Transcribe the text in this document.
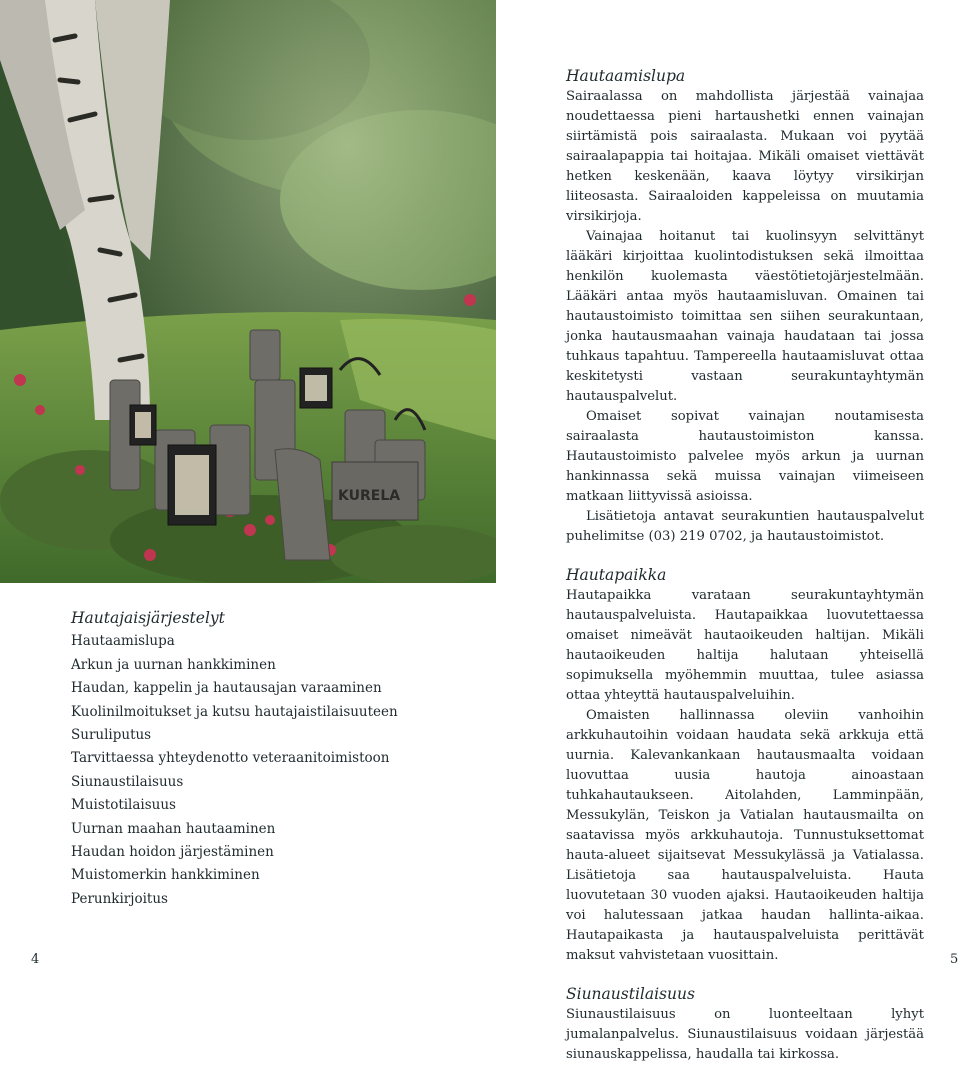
KURELA
Hautajaisjärjestelyt
Hautaamislupa
Arkun ja uurnan hankkiminen
Haudan, kappelin ja hautausajan varaaminen
Kuolinilmoitukset ja kutsu hautajaistilaisuuteen
Suruliputus
Tarvittaessa yhteydenotto veteraanitoimistoon
Siunaustilaisuus
Muistotilaisuus
Uurnan maahan hautaaminen
Haudan hoidon järjestäminen
Muistomerkin hankkiminen
Perunkirjoitus
Hautaamislupa

Sairaalassa on mahdollista järjestää vainajaa noudettaessa pieni hartaushetki ennen vainajan siirtämistä pois sairaalasta. Mukaan voi pyytää sairaalapappia tai hoitajaa. Mikäli omaiset viettävät hetken keskenään, kaava löytyy virsikirjan liiteosasta. Sairaaloiden kappeleissa on muutamia virsikirjoja.

Vainajaa hoitanut tai kuolinsyyn selvittänyt lääkäri kirjoittaa kuolintodistuksen sekä ilmoittaa henkilön kuolemasta väestötietojärjestelmään. Lääkäri antaa myös hautaamisluvan. Omainen tai hautaustoimisto toimittaa sen siihen seurakuntaan, jonka hautausmaahan vainaja haudataan tai jossa tuhkaus tapahtuu. Tampereella hautaamisluvat ottaa keskitetysti vastaan seurakuntayhtymän hautauspalvelut.

Omaiset sopivat vainajan noutamisesta sairaalasta hautaustoimiston kanssa. Hautaustoimisto palvelee myös arkun ja uurnan hankinnassa sekä muissa vainajan viimeiseen matkaan liittyvissä asioissa.

Lisätietoja antavat seurakuntien hautauspalvelut puhelimitse (03) 219 0702, ja hautaustoimistot.

Hautapaikka

Hautapaikka varataan seurakuntayhtymän hautauspalveluista. Hautapaikkaa luovutettaessa omaiset nimeävät hautaoikeuden haltijan. Mikäli hautaoikeuden haltija halutaan yhteisellä sopimuksella myöhemmin muuttaa, tulee asiassa ottaa yhteyttä hautauspalveluihin.

Omaisten hallinnassa oleviin vanhoihin arkkuhautoihin voidaan haudata sekä arkkuja että uurnia. Kalevankankaan hautausmaalta voidaan luovuttaa uusia hautoja ainoastaan tuhkahautaukseen. Aitolahden, Lamminpään, Messukylän, Teiskon ja Vatialan hautausmailta on saatavissa myös arkkuhautoja. Tunnustuksettomat hauta-alueet sijaitsevat Messukylässä ja Vatialassa. Lisätietoja saa hautauspalveluista. Hauta luovutetaan 30 vuoden ajaksi. Hautaoikeuden haltija voi halutessaan jatkaa haudan hallinta-aikaa. Hautapaikasta ja hautauspalveluista perittävät maksut vahvistetaan vuosittain.

Siunaustilaisuus

Siunaustilaisuus on luonteeltaan lyhyt jumalanpalvelus. Siunaustilaisuus voidaan järjestää siunauskappelissa, haudalla tai kirkossa.

4	5
